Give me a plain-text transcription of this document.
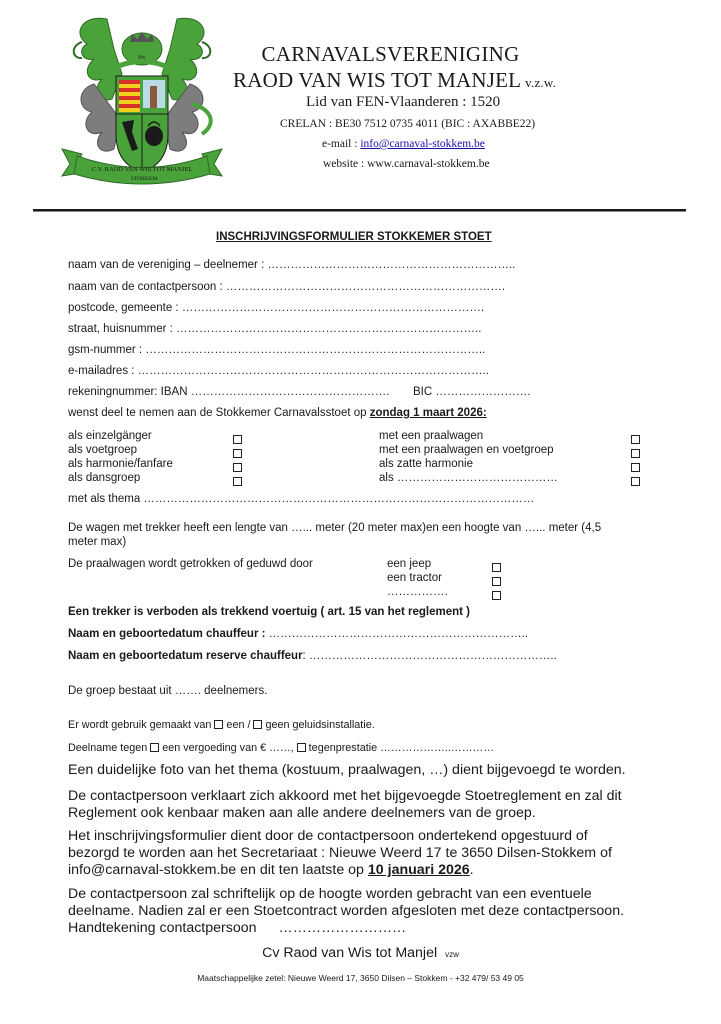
RW
C.V. RAOD VAN WIS TOT MANJEL
STOKKEM
CARNAVALSVERENIGING
RAOD VAN WIS TOT MANJEL v.z.w.
Lid van FEN-Vlaanderen : 1520
CRELAN : BE30 7512 0735 4011 (BIC : AXABBE22)
e-mail : info@carnaval-stokkem.be
website : www.carnaval-stokkem.be
INSCHRIJVINGSFORMULIER STOKKEMER STOET
naam van de vereniging – deelnemer : ………………………………………………………..
naam van de contactpersoon : ……………………………………………………………….
postcode, gemeente : …………………………………………………………………….
straat, huisnummer : ……………………………………………………………………..
gsm-nummer : ……………………………………………………………………………..
e-mailadres : ………………………………………………………………………………..
rekeningnummer: IBAN ……………………………………………. BIC …………………….
wenst deel te nemen aan de Stokkemer Carnavalsstoet op zondag 1 maart 2026:
als einzelgänger
als voetgroep
als harmonie/fanfare
als dansgroep
met een praalwagen
met een praalwagen en voetgroep
als zatte harmonie
als ……………………………………
met als thema …………………………………………………………………………………………
De wagen met trekker heeft een lengte van …... meter (20 meter max)en een hoogte van …... meter (4,5
meter max)
De praalwagen wordt getrokken of geduwd door	een jeep
een tractor
…………….
Een trekker is verboden als trekkend voertuig ( art. 15 van het reglement )
Naam en geboortedatum chauffeur : …………………………………………………………..
Naam en geboortedatum reserve chauffeur: ………………………………………………………..
De groep bestaat uit ……. deelnemers.
Er wordt gebruik gemaakt van  een /  geen geluidsinstallatie.
Deelname tegen  een vergoeding van € ……,  tegenprestatie ………………..…………
Een duidelijke foto van het thema (kostuum, praalwagen, …) dient bijgevoegd te worden.
De contactpersoon verklaart zich akkoord met het bijgevoegde Stoetreglement en zal dit
Reglement ook kenbaar maken aan alle andere deelnemers van de groep.
Het inschrijvingsformulier dient door de contactpersoon ondertekend opgestuurd of
bezorgd te worden aan het Secretariaat : Nieuwe Weerd 17 te 3650 Dilsen-Stokkem of
info@carnaval-stokkem.be en dit ten laatste op 10 januari 2026.
De contactpersoon zal schriftelijk op de hoogte worden gebracht van een eventuele
deelname. Nadien zal er een Stoetcontract worden afgesloten met deze contactpersoon.
Handtekening contactpersoon ………………………
Cv Raod van Wis tot Manjel vzw
Maatschappelijke zetel: Nieuwe Weerd 17, 3650 Dilsen – Stokkem - +32 479/ 53 49 05
